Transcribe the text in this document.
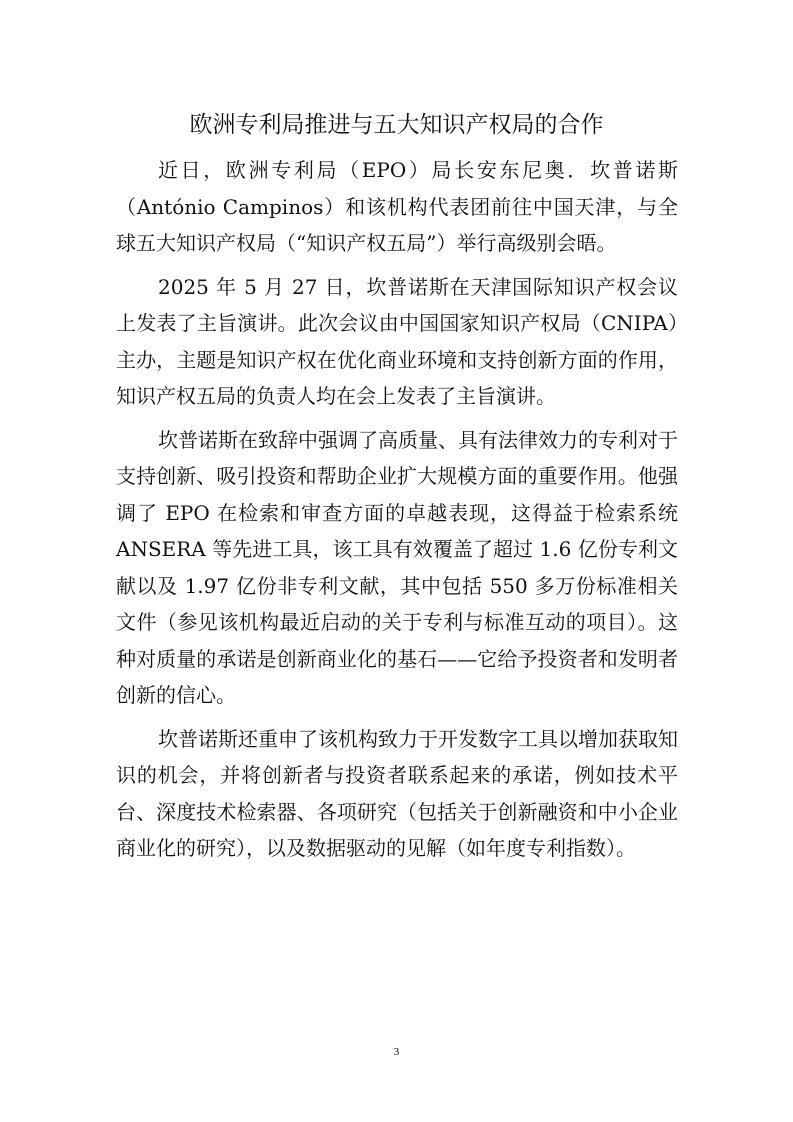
欧洲专利局推进与五大知识产权局的合作

近日，欧洲专利局（EPO）局长安东尼奥．坎普诺斯（António Campinos）和该机构代表团前往中国天津，与全球五大知识产权局（“知识产权五局”）举行高级别会晤。

2025 年 5 月 27 日，坎普诺斯在天津国际知识产权会议上发表了主旨演讲。此次会议由中国国家知识产权局（CNIPA）主办，主题是知识产权在优化商业环境和支持创新方面的作用，知识产权五局的负责人均在会上发表了主旨演讲。

坎普诺斯在致辞中强调了高质量、具有法律效力的专利对于支持创新、吸引投资和帮助企业扩大规模方面的重要作用。他强调了 EPO 在检索和审查方面的卓越表现，这得益于检索系统 ANSERA 等先进工具，该工具有效覆盖了超过 1.6 亿份专利文献以及 1.97 亿份非专利文献，其中包括 550 多万份标准相关文件（参见该机构最近启动的关于专利与标准互动的项目）。这种对质量的承诺是创新商业化的基石——它给予投资者和发明者创新的信心。

坎普诺斯还重申了该机构致力于开发数字工具以增加获取知识的机会，并将创新者与投资者联系起来的承诺，例如技术平台、深度技术检索器、各项研究（包括关于创新融资和中小企业商业化的研究），以及数据驱动的见解（如年度专利指数）。

3
